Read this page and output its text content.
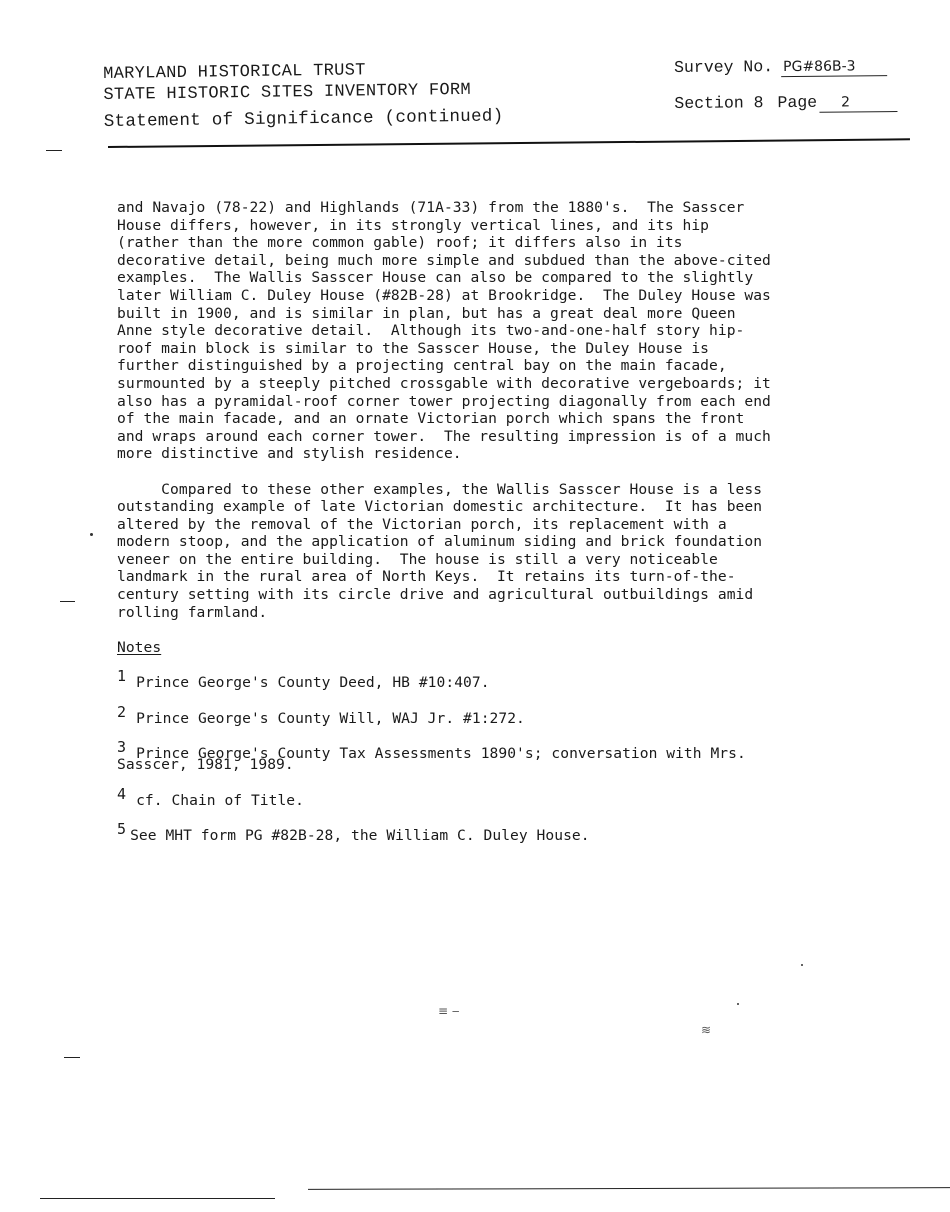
MARYLAND HISTORICAL TRUST
STATE HISTORIC SITES INVENTORY FORM
Statement of Significance (continued)
Survey No. PG#86B-3
Section 8 Page	2

and Navajo (78-22) and Highlands (71A-33) from the 1880's.  The Sasscer

House differs, however, in its strongly vertical lines, and its hip

(rather than the more common gable) roof; it differs also in its

decorative detail, being much more simple and subdued than the above-cited

examples.  The Wallis Sasscer House can also be compared to the slightly

later William C. Duley House (#82B-28) at Brookridge.  The Duley House was

built in 1900, and is similar in plan, but has a great deal more Queen

Anne style decorative detail.  Although its two-and-one-half story hip-

roof main block is similar to the Sasscer House, the Duley House is

further distinguished by a projecting central bay on the main facade,

surmounted by a steeply pitched crossgable with decorative vergeboards; it

also has a pyramidal-roof corner tower projecting diagonally from each end

of the main facade, and an ornate Victorian porch which spans the front

and wraps around each corner tower.  The resulting impression is of a much

more distinctive and stylish residence.

Compared to these other examples, the Wallis Sasscer House is a less

outstanding example of late Victorian domestic architecture.  It has been

altered by the removal of the Victorian porch, its replacement with a

modern stoop, and the application of aluminum siding and brick foundation

veneer on the entire building.  The house is still a very noticeable

landmark in the rural area of North Keys.  It retains its turn-of-the-

century setting with its circle drive and agricultural outbuildings amid

rolling farmland.

Notes

1 Prince George's County Deed, HB #10:407.
2 Prince George's County Will, WAJ Jr. #1:272.
3 Prince George's County Tax Assessments 1890's; conversation with Mrs.

Sasscer, 1981, 1989.

4 cf. Chain of Title.
5 See MHT form PG #82B-28, the William C. Duley House.
≡ ‒
≋
